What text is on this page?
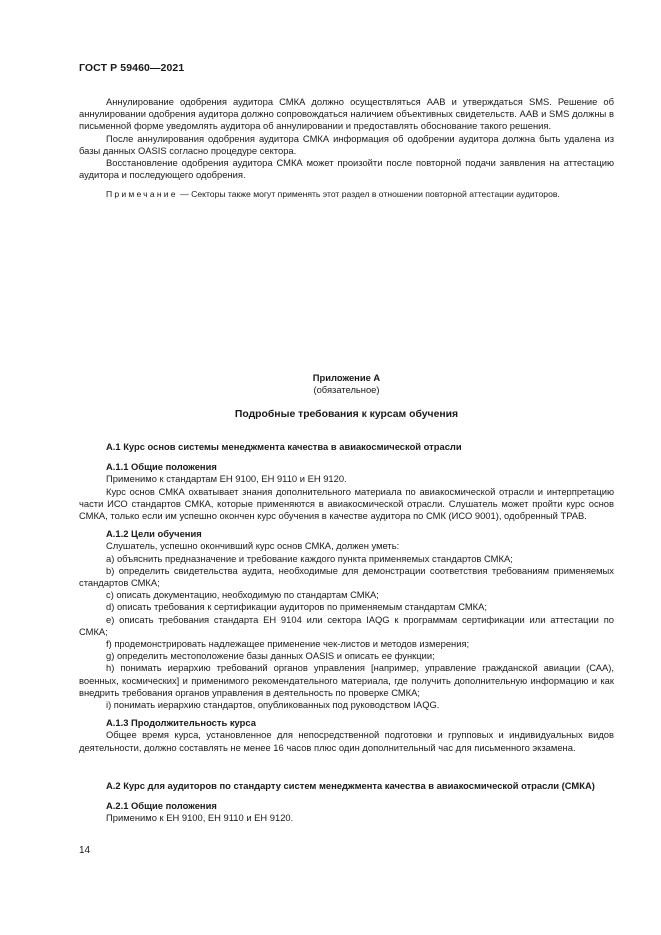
ГОСТ Р 59460—2021

Аннулирование одобрения аудитора СМКА должно осуществляться ААВ и утверждаться SMS. Решение об аннулировании одобрения аудитора должно сопровождаться наличием объективных свидетельств. ААВ и SMS должны в письменной форме уведомлять аудитора об аннулировании и предоставлять обоснование такого решения.

После аннулирования одобрения аудитора СМКА информация об одобрении аудитора должна быть удалена из базы данных OASIS согласно процедуре сектора.

Восстановление одобрения аудитора СМКА может произойти после повторной подачи заявления на аттестацию аудитора и последующего одобрения.

Примечание — Секторы также могут применять этот раздел в отношении повторной аттестации аудиторов.

Приложение А

(обязательное)

Подробные требования к курсам обучения

А.1 Курс основ системы менеджмента качества в авиакосмической отрасли

А.1.1 Общие положения

Применимо к стандартам ЕН 9100, ЕН 9110 и ЕН 9120.

Курс основ СМКА охватывает знания дополнительного материала по авиакосмической отрасли и интерпретацию части ИСО стандартов СМКА, которые применяются в авиакосмической отрасли. Слушатель может пройти курс основ СМКА, только если им успешно окончен курс обучения в качестве аудитора по СМК (ИСО 9001), одобренный TPAB.

А.1.2 Цели обучения

Слушатель, успешно окончивший курс основ СМКА, должен уметь:

a) объяснить предназначение и требование каждого пункта применяемых стандартов СМКА;

b) определить свидетельства аудита, необходимые для демонстрации соответствия требованиям применяемых стандартов СМКА;

c) описать документацию, необходимую по стандартам СМКА;

d) описать требования к сертификации аудиторов по применяемым стандартам СМКА;

e) описать требования стандарта ЕН 9104 или сектора IAQG к программам сертификации или аттестации по СМКА;

f) продемонстрировать надлежащее применение чек-листов и методов измерения;

g) определить местоположение базы данных OASIS и описать ее функции;

h) понимать иерархию требований органов управления [например, управление гражданской авиации (САА), военных, космических] и применимого рекомендательного материала, где получить дополнительную информацию и как внедрить требования органов управления в деятельность по проверке СМКА;

i) понимать иерархию стандартов, опубликованных под руководством IAQG.

А.1.3 Продолжительность курса

Общее время курса, установленное для непосредственной подготовки и групповых и индивидуальных видов деятельности, должно составлять не менее 16 часов плюс один дополнительный час для письменного экзамена.

А.2 Курс для аудиторов по стандарту систем менеджмента качества в авиакосмической отрасли (СМКА)

А.2.1 Общие положения

Применимо к ЕН 9100, ЕН 9110 и ЕН 9120.

14
